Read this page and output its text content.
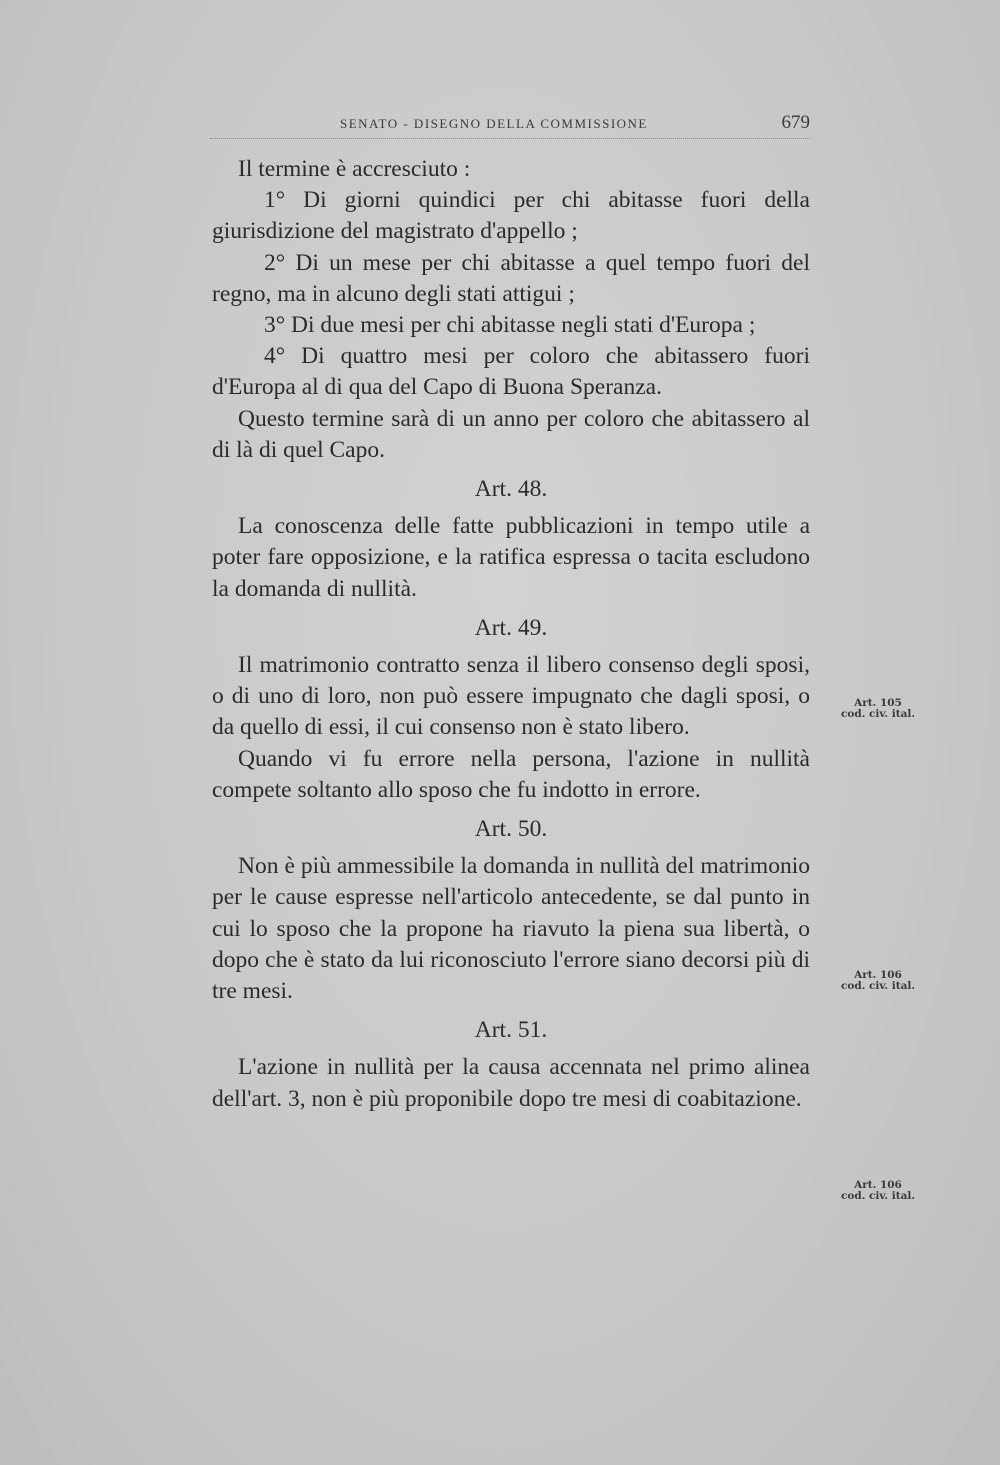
SENATO - DISEGNO DELLA COMMISSIONE	679

Il termine è accresciuto :

1° Di giorni quindici per chi abitasse fuori della giurisdizione del magistrato d'appello ;

2° Di un mese per chi abitasse a quel tempo fuori del regno, ma in alcuno degli stati attigui ;

3° Di due mesi per chi abitasse negli stati d'Europa ;

4° Di quattro mesi per coloro che abitassero fuori d'Europa al di qua del Capo di Buona Speranza.

Questo termine sarà di un anno per coloro che abitassero al di là di quel Capo.

Art. 48.

La conoscenza delle fatte pubblicazioni in tempo utile a poter fare opposizione, e la ratifica espressa o tacita escludono la domanda di nullità.

Art. 49.

Il matrimonio contratto senza il libero consenso degli sposi, o di uno di loro, non può essere impugnato che dagli sposi, o da quello di essi, il cui consenso non è stato libero.

Quando vi fu errore nella persona, l'azione in nullità compete soltanto allo sposo che fu indotto in errore.

Art. 50.

Non è più ammessibile la domanda in nullità del matrimonio per le cause espresse nell'articolo antecedente, se dal punto in cui lo sposo che la propone ha riavuto la piena sua libertà, o dopo che è stato da lui riconosciuto l'errore siano decorsi più di tre mesi.

Art. 51.

L'azione in nullità per la causa accennata nel primo alinea dell'art. 3, non è più proponibile dopo tre mesi di coabitazione.

Art. 105
cod. civ. ital.
Art. 106
cod. civ. ital.
Art. 106
cod. civ. ital.
